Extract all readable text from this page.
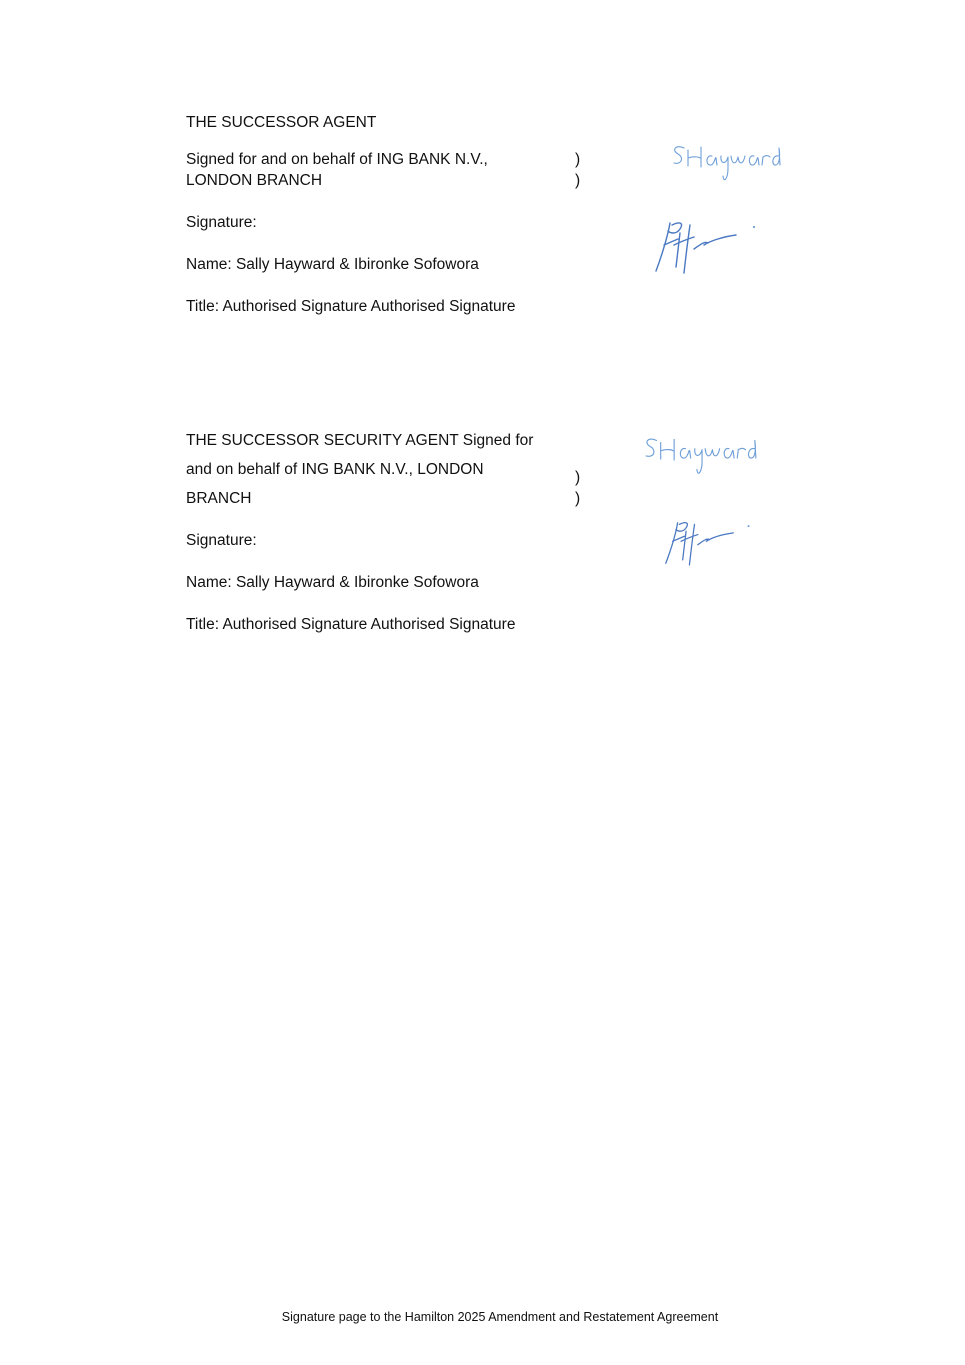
THE SUCCESSOR AGENT

Signed for and on behalf of ING BANK N.V.,

LONDON BRANCH

)
)

Signature:

Name: Sally Hayward & Ibironke Sofowora

Title: Authorised Signature Authorised Signature

THE SUCCESSOR SECURITY AGENT Signed for

and on behalf of ING BANK N.V., LONDON

BRANCH

)
)

Signature:

Name: Sally Hayward & Ibironke Sofowora

Title: Authorised Signature Authorised Signature

Signature page to the Hamilton 2025 Amendment and Restatement Agreement
